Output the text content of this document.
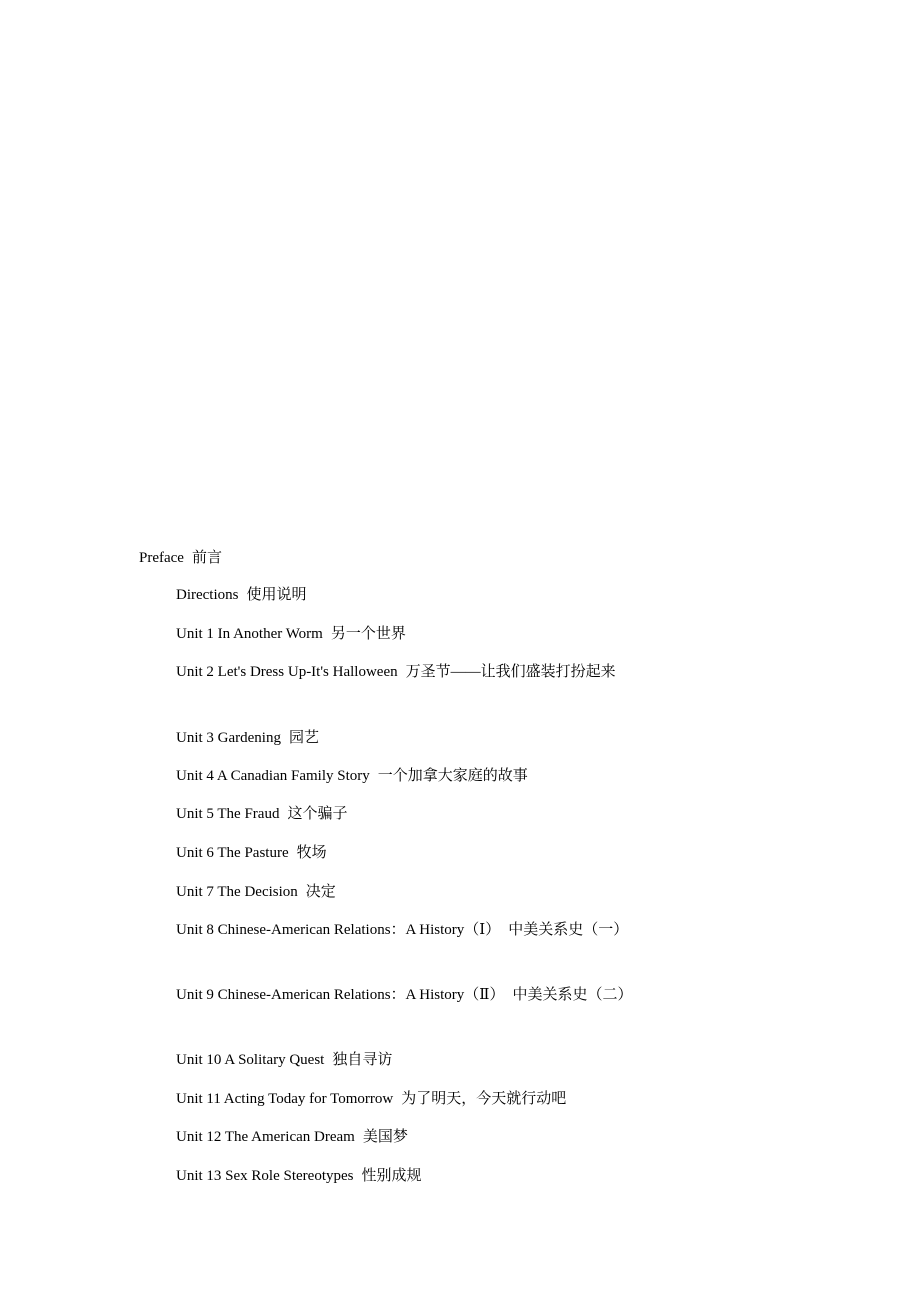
Preface 前言
Directions 使用说明
Unit 1 In Another Worm 另一个世界
Unit 2 Let's Dress Up-It's Halloween 万圣节——让我们盛装打扮起来
Unit 3 Gardening 园艺
Unit 4 A Canadian Family Story 一个加拿大家庭的故事
Unit 5 The Fraud 这个骗子
Unit 6 The Pasture 牧场
Unit 7 The Decision 决定
Unit 8 Chinese-American Relations：A History（Ⅰ） 中美关系史（一）
Unit 9 Chinese-American Relations：A History（Ⅱ） 中美关系史（二）
Unit 10 A Solitary Quest 独自寻访
Unit 11 Acting Today for Tomorrow 为了明天，今天就行动吧
Unit 12 The American Dream 美国梦
Unit 13 Sex Role Stereotypes 性别成规
